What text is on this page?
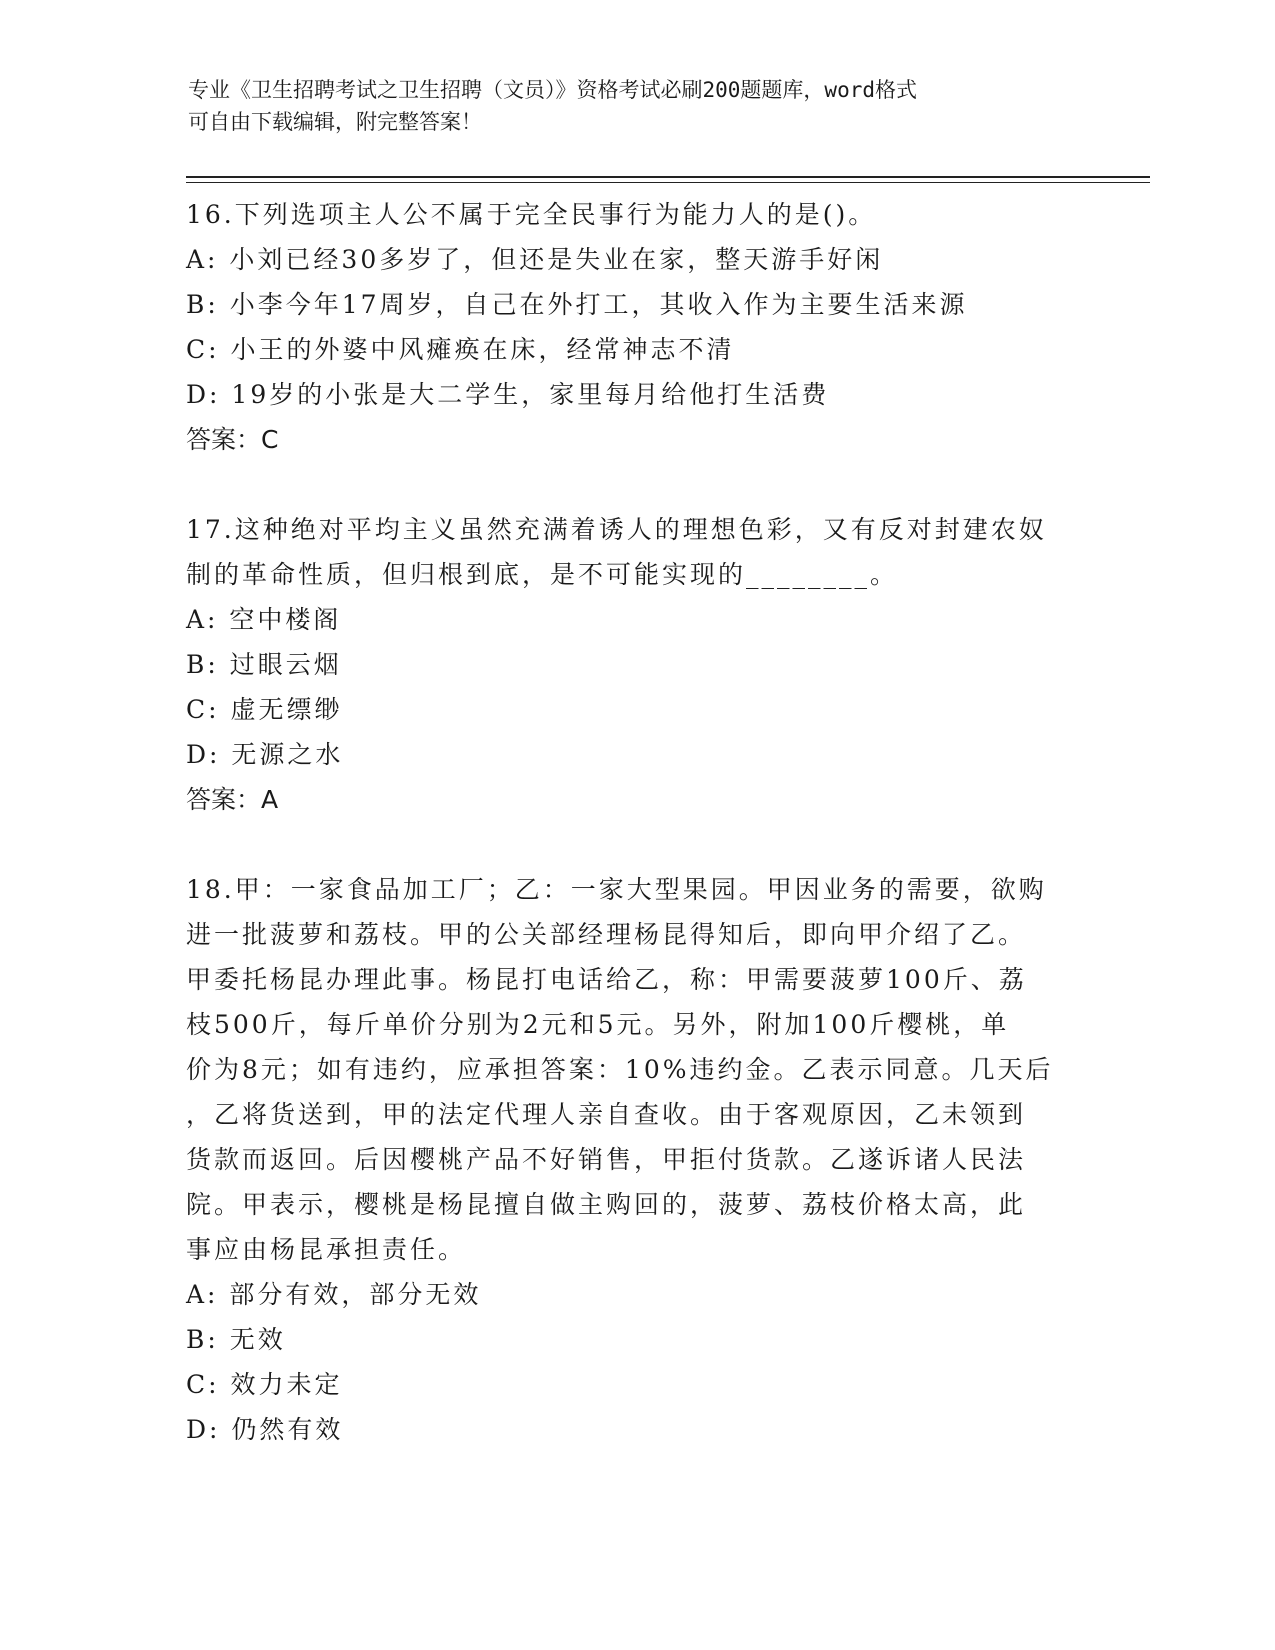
专业《卫生招聘考试之卫生招聘（文员）》资格考试必刷200题题库，word格式
可自由下载编辑，附完整答案！

16.下列选项主人公不属于完全民事行为能力人的是()。

A: 小刘已经30多岁了，但还是失业在家，整天游手好闲

B: 小李今年17周岁，自己在外打工，其收入作为主要生活来源

C: 小王的外婆中风瘫痪在床，经常神志不清

D: 19岁的小张是大二学生，家里每月给他打生活费

答案：C

17.这种绝对平均主义虽然充满着诱人的理想色彩，又有反对封建农奴

制的革命性质，但归根到底，是不可能实现的________。

A: 空中楼阁

B: 过眼云烟

C: 虚无缥缈

D: 无源之水

答案：A

18.甲：一家食品加工厂；乙：一家大型果园。甲因业务的需要，欲购

进一批菠萝和荔枝。甲的公关部经理杨昆得知后，即向甲介绍了乙。

甲委托杨昆办理此事。杨昆打电话给乙，称：甲需要菠萝100斤、荔

枝500斤，每斤单价分别为2元和5元。另外，附加100斤樱桃，单

价为8元；如有违约，应承担答案：10%违约金。乙表示同意。几天后

，乙将货送到，甲的法定代理人亲自查收。由于客观原因，乙未领到

货款而返回。后因樱桃产品不好销售，甲拒付货款。乙遂诉诸人民法

院。甲表示，樱桃是杨昆擅自做主购回的，菠萝、荔枝价格太高，此

事应由杨昆承担责任。

A: 部分有效，部分无效

B: 无效

C: 效力未定

D: 仍然有效
